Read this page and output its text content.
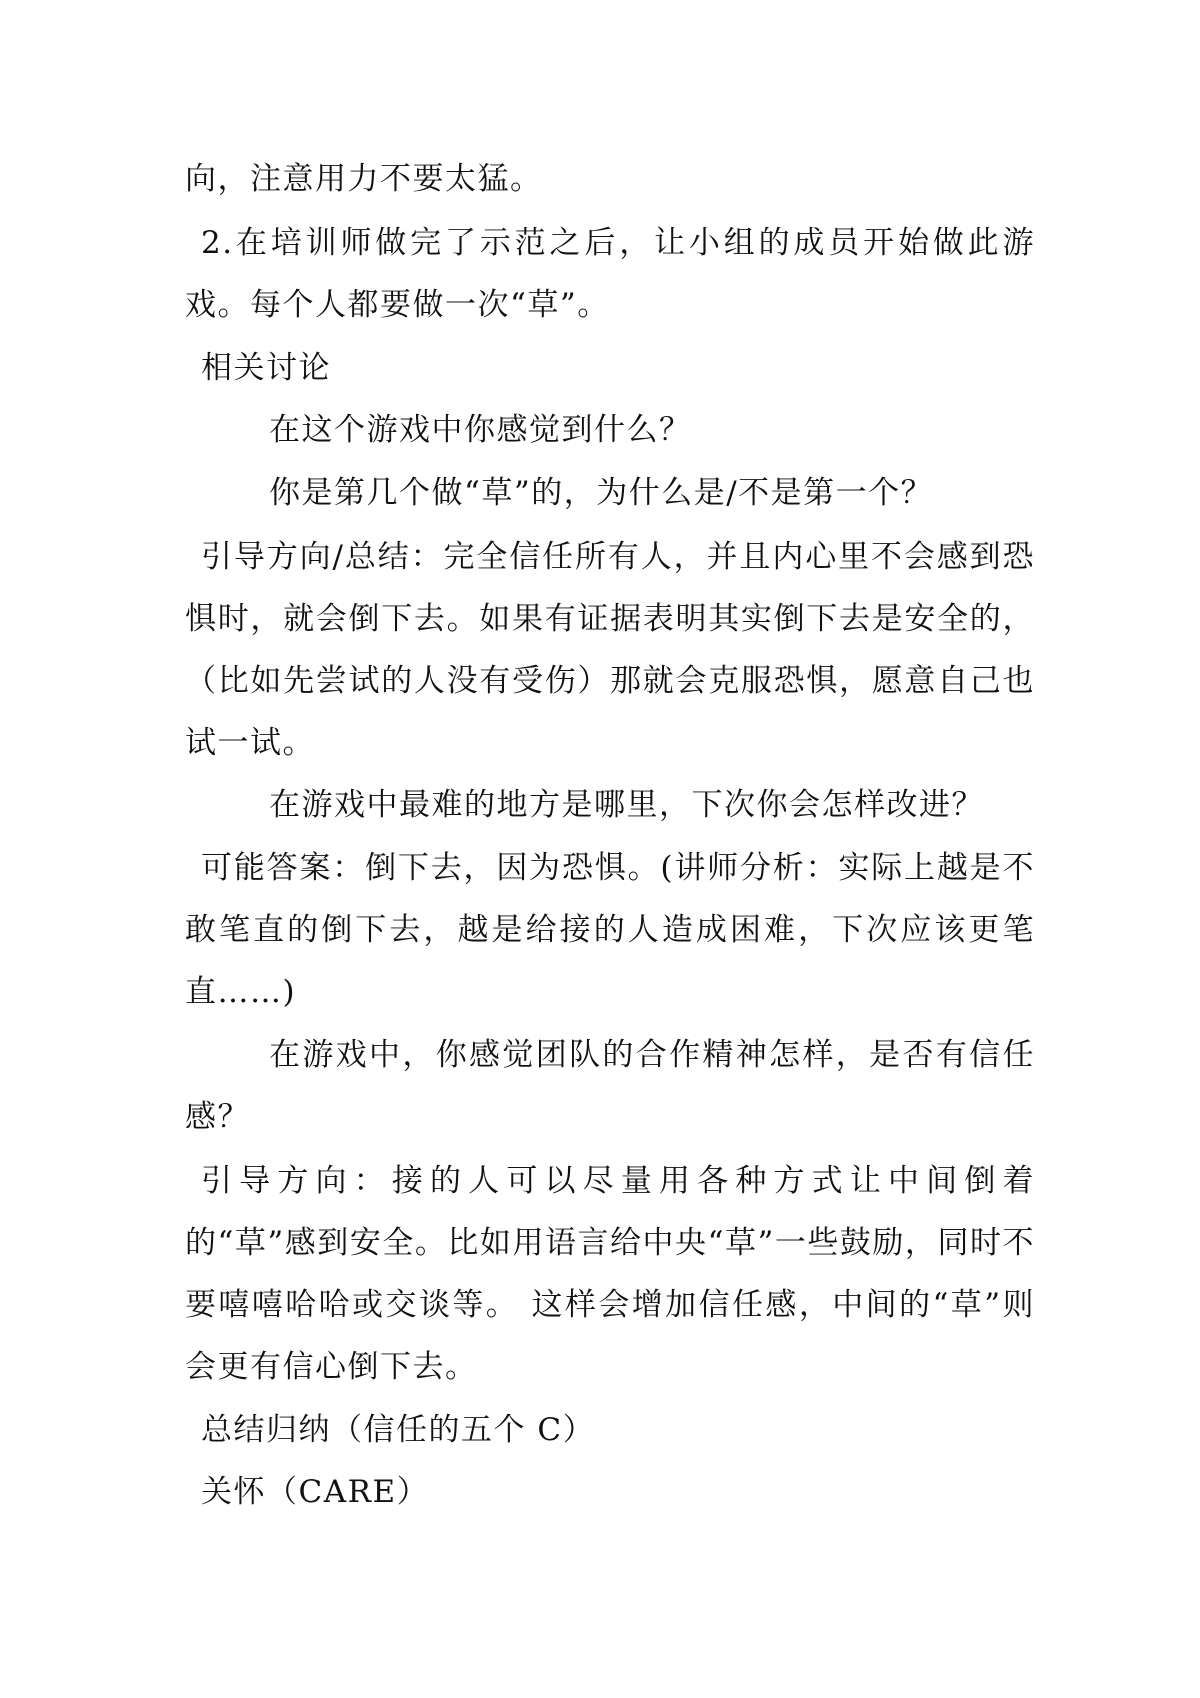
向，注意用力不要太猛。

2.在培训师做完了示范之后，让小组的成员开始做此游戏。每个人都要做一次“草”。

相关讨论

在这个游戏中你感觉到什么？

你是第几个做“草”的，为什么是/不是第一个？

引导方向/总结：完全信任所有人，并且内心里不会感到恐惧时，就会倒下去。如果有证据表明其实倒下去是安全的，（比如先尝试的人没有受伤）那就会克服恐惧，愿意自己也试一试。

在游戏中最难的地方是哪里，下次你会怎样改进？

可能答案：倒下去，因为恐惧。(讲师分析：实际上越是不敢笔直的倒下去，越是给接的人造成困难，下次应该更笔直……)

在游戏中，你感觉团队的合作精神怎样，是否有信任感？

引导方向：接的人可以尽量用各种方式让中间倒着的“草”感到安全。比如用语言给中央“草”一些鼓励，同时不要嘻嘻哈哈或交谈等。 这样会增加信任感，中间的“草”则会更有信心倒下去。

总结归纳（信任的五个 C）

关怀（CARE）
